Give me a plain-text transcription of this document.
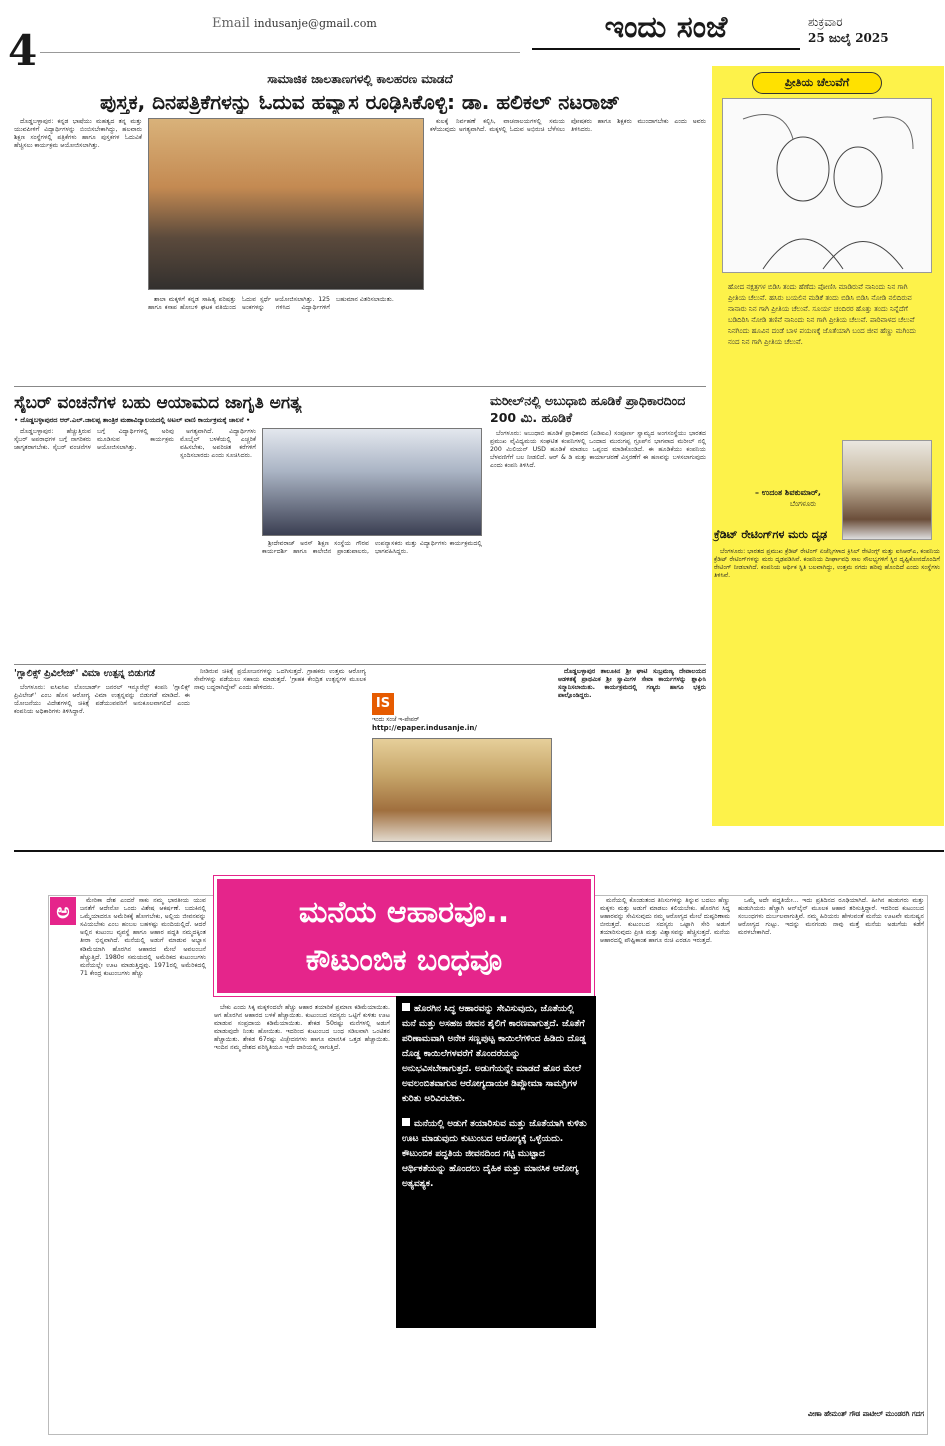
4
Email indusanje@gmail.com	ಇಂದು ಸಂಜೆ	ಶುಕ್ರವಾರ
25 ಜುಲೈ 2025
ಸಾಮಾಜಿಕ ಜಾಲತಾಣಗಳಲ್ಲಿ ಕಾಲಹರಣ ಮಾಡದೆ
ಪುಸ್ತಕ, ದಿನಪತ್ರಿಕೆಗಳನ್ನು ಓದುವ ಹವ್ಯಾಸ ರೂಢಿಸಿಕೊಳ್ಳಿ: ಡಾ. ಹಲಿಕಲ್ ನಟರಾಜ್

ದೊಡ್ಡಬಳ್ಳಾಪುರ: ಕನ್ನಡ ಭಾಷೆಯು ಮಹತ್ವದ ತನ್ನ ಮತ್ತು ಯುವಪೀಳಿಗೆ ವಿದ್ಯಾರ್ಥಿಗಳನ್ನು ಬಿಂಬಿಸಬೇಕಾಗಿದ್ದು, ಹಲವಾರು ಶಿಕ್ಷಣ ಸಂಸ್ಥೆಗಳಲ್ಲಿ ಪತ್ರಿಕೆಗಳು ಹಾಗೂ ಪುಸ್ತಕಗಳ ಓದುವಿಕೆ ಹೆಚ್ಚಿಸಲು ಕಾರ್ಯಕ್ರಮ ಆಯೋಜಿಸಲಾಗಿತ್ತು.

ಶಾಲಾ ಮಕ್ಕಳಿಗೆ ಕನ್ನಡ ಸಾಹಿತ್ಯ ಪರಿಷತ್ತು ಹಾಗೂ ಕಸಾಪ ಹೋಬಳಿ ಘಟಕ ವತಿಯಿಂದ ಓದುವ ಸ್ಪರ್ಧೆ ಆಯೋಜಿಸಲಾಗಿತ್ತು. 125 ಅಂಕಗಳನ್ನು ಗಳಿಸಿದ ವಿದ್ಯಾರ್ಥಿಗಳಿಗೆ ಬಹುಮಾನ ವಿತರಿಸಲಾಯಿತು.

ಕುಲಕ್ಕೆ ನಿರ್ವಹಣೆ ಕಲ್ಪಿಸಿ, ವಾಚನಾಲಯಗಳಲ್ಲಿ ಸಮಯ ಕಳೆಯುವುದು ಅಗತ್ಯವಾಗಿದೆ. ಮಕ್ಕಳಲ್ಲಿ ಓದುವ ಅಭಿರುಚಿ ಬೆಳೆಸಲು ಪೋಷಕರು ಹಾಗೂ ಶಿಕ್ಷಕರು ಮುಂದಾಗಬೇಕು ಎಂದು ಅವರು ತಿಳಿಸಿದರು.

ಪ್ರೀತಿಯ ಚೆಲುವೆಗೆ
ಹೋದ ನಕ್ಷತ್ರಗಳ ಬಿಡಿಸಿ ತಂದು ಹೆಣೆದು ಪೋಣಿಸಿ ಮಾಡಿರುವೆ ನಾನಿಂದು ನಿನ ಗಾಗಿ ಪ್ರೀತಿಯ ಚೆಲುವೆ. ಹಸಿರು ಬಯಲಿನ ಮಡಿಕೆ ತಂದು ಬಿಡಿಸಿ ಬಿಡಿಸಿ ನೋಡಿ ನಲಿದಿರುವ ನಾನಾರು ನಿನ ಗಾಗಿ ಪ್ರೀತಿಯ ಚೆಲುವೆ. ಸೂರ್ಯ ಚಂದಿರರ ಹೊತ್ತು ತಂದು ನಿನ್ನೆದೆಗೆ ಬಡಿದಿರಿಸಿ ನೋಡಿ ತಣಿವೆ ನಾನಿಂದು ನಿನ ಗಾಗಿ ಪ್ರೀತಿಯ ಚೆಲುವೆ. ಪಾರಿವಾಳದ ಚೆಲುವೆ ನಿನಗಿಂದು ಹೂವಿನ ದಂಡೆ ಬಾಳ ಪಯಣಕ್ಕೆ ಜೊತೆಯಾಗಿ ಬಂದ ಜೀವ ಹೆಣ್ಣು ಮಗಿಂದು ನಂದ ನಿನ ಗಾಗಿ ಪ್ರೀತಿಯ ಚೆಲುವೆ.
– ಉದಂತ ಶಿವಕುಮಾರ್,
ಬೆಂಗಳೂರು
ಸೈಬರ್ ವಂಚನೆಗಳ ಬಹು ಆಯಾಮದ ಜಾಗೃತಿ ಅಗತ್ಯ
• ದೊಡ್ಡಬಳ್ಳಾಪುರದ ಆರ್.ಎಲ್.ಜಾಲಪ್ಪ ತಾಂತ್ರಿಕ ಮಹಾವಿದ್ಯಾಲಯದಲ್ಲಿ ಅಟಲ್ ವಾಣಿ ಕಾರ್ಯಕ್ರಮಕ್ಕೆ ಚಾಲನೆ •

ದೊಡ್ಡಬಳ್ಳಾಪುರ: ಹೆಚ್ಚುತ್ತಿರುವ ಸೈಬರ್ ಅಪರಾಧಗಳ ಬಗ್ಗೆ ನಾಗರಿಕರು ಜಾಗೃತರಾಗಬೇಕು. ಸೈಬರ್ ವಂಚನೆಗಳ ಬಗ್ಗೆ ವಿದ್ಯಾರ್ಥಿಗಳಲ್ಲಿ ಅರಿವು ಮೂಡಿಸುವ ಕಾರ್ಯಕ್ರಮ ಆಯೋಜಿಸಲಾಗಿತ್ತು.

ಅಗತ್ಯವಾಗಿದೆ. ವಿದ್ಯಾರ್ಥಿಗಳು ಮೊಬೈಲ್ ಬಳಕೆಯಲ್ಲಿ ಎಚ್ಚರಿಕೆ ವಹಿಸಬೇಕು, ಅಪರಿಚಿತ ಕರೆಗಳಿಗೆ ಸ್ಪಂದಿಸಬಾರದು ಎಂದು ಸೂಚಿಸಿದರು.

ಶ್ರೀದೇವರಾಜ್ ಅರಸ್ ಶಿಕ್ಷಣ ಸಂಸ್ಥೆಯ ಗೌರವ ಕಾರ್ಯದರ್ಶಿ ಹಾಗೂ ಕಾಲೇಜಿನ ಪ್ರಾಂಶುಪಾಲರು, ಉಪನ್ಯಾಸಕರು ಮತ್ತು ವಿದ್ಯಾರ್ಥಿಗಳು ಕಾರ್ಯಕ್ರಮದಲ್ಲಿ ಭಾಗವಹಿಸಿದ್ದರು.

ಮರೀಲ್‌ನಲ್ಲಿ ಅಬುಧಾಬಿ ಹೂಡಿಕೆ ಪ್ರಾಧಿಕಾರದಿಂದ 200 ಮಿ. ಹೂಡಿಕೆ

ಬೆಂಗಳೂರು: ಅಬುಧಾಬಿ ಹೂಡಿಕೆ ಪ್ರಾಧಿಕಾರದ (ಎಡಿಐಎ) ಸಂಪೂರ್ಣ ಸ್ವಾಮ್ಯದ ಅಂಗಸಂಸ್ಥೆಯು ಭಾರತದ ಪ್ರಮುಖ ವೈವಿಧ್ಯಮಯ ಸಂಘಟಿತ ಕಂಪನಿಗಳಲ್ಲಿ ಒಂದಾದ ಮುರುಗಪ್ಪ ಗ್ರೂಪ್‌ನ ಭಾಗವಾದ ಮರೀಲ್ ನಲ್ಲಿ 200 ಮಿಲಿಯನ್ USD ಹೂಡಿಕೆ ಮಾಡಲು ಒಪ್ಪಂದ ಮಾಡಿಕೊಂಡಿದೆ. ಈ ಹೂಡಿಕೆಯು ಕಂಪನಿಯ ಬೆಳವಣಿಗೆಗೆ ಬಲ ನೀಡಲಿದೆ. ಆರ್ & ಡಿ ಮತ್ತು ಕಾರ್ಯಾಚರಣೆ ವಿಸ್ತರಣೆಗೆ ಈ ಹಣವನ್ನು ಬಳಸಲಾಗುವುದು ಎಂದು ಕಂಪನಿ ತಿಳಿಸಿದೆ.

ಕ್ರೆಡಿಟ್ ರೇಟಿಂಗ್‌ಗಳ ಮರು ದೃಢ

ಬೆಂಗಳೂರು: ಭಾರತದ ಪ್ರಮುಖ ಕ್ರೆಡಿಟ್ ರೇಟಿಂಗ್ ಏಜೆನ್ಸಿಗಳಾದ ಕ್ರಿಸಿಲ್ ರೇಟಿಂಗ್ಸ್ ಮತ್ತು ಐಸಿಆರ್‌ಎ, ಕಂಪನಿಯ ಕ್ರೆಡಿಟ್ ರೇಟಿಂಗ್‌ಗಳನ್ನು ಮರು ದೃಢಪಡಿಸಿವೆ. ಕಂಪನಿಯ ದೀರ್ಘಾವಧಿ ಸಾಲ ಸೌಲಭ್ಯಗಳಿಗೆ ಸ್ಥಿರ ದೃಷ್ಟಿಕೋನದೊಂದಿಗೆ ರೇಟಿಂಗ್ ನೀಡಲಾಗಿದೆ. ಕಂಪನಿಯ ಆರ್ಥಿಕ ಸ್ಥಿತಿ ಬಲವಾಗಿದ್ದು, ಉತ್ತಮ ನಗದು ಹರಿವು ಹೊಂದಿದೆ ಎಂದು ಸಂಸ್ಥೆಗಳು ತಿಳಿಸಿವೆ.

'ಗ್ಲಾಲಿಕ್ಸ್ ಪ್ರಿವಿಲೇಜ್' ವಿಮಾ ಉತ್ಪನ್ನ ಬಿಡುಗಡೆ

ಬೆಂಗಳೂರು: ಐಸಿಐಸಿಐ ಲೊಂಬಾರ್ಡ್ ಜನರಲ್ ಇನ್ಶೂರೆನ್ಸ್ ಕಂಪನಿ 'ಗ್ಲಾಲಿಕ್ಸ್ ಪ್ರಿವಿಲೇಜ್' ಎಂಬ ಹೊಸ ಆರೋಗ್ಯ ವಿಮಾ ಉತ್ಪನ್ನವನ್ನು ಬಿಡುಗಡೆ ಮಾಡಿದೆ. ಈ ಯೋಜನೆಯು ವಿದೇಶಗಳಲ್ಲಿ ಚಿಕಿತ್ಸೆ ಪಡೆಯುವವರಿಗೆ ಅನುಕೂಲವಾಗಲಿದೆ ಎಂದು ಕಂಪನಿಯ ಅಧಿಕಾರಿಗಳು ತಿಳಿಸಿದ್ದಾರೆ.

ನೀಡಿರುವ ಚಿಕಿತ್ಸೆ ಪ್ರಯೋಜನಗಳನ್ನು ಒದಗಿಸುತ್ತದೆ. ಗ್ರಾಹಕರು ಉತ್ತಮ ಆರೋಗ್ಯ ಸೇವೆಗಳನ್ನು ಪಡೆಯಲು ಸಹಾಯ ಮಾಡುತ್ತದೆ. 'ಗ್ರಾಹಕ ಕೇಂದ್ರಿತ ಉತ್ಪನ್ನಗಳ ಮೂಲಕ ನಾವು ಬದ್ಧರಾಗಿದ್ದೇವೆ' ಎಂದು ಹೇಳಿದರು.

IS ಇಂದು ಸಂಜೆ ಇ-ಪೇಪರ್
http://epaper.indusanje.in/

ದೊಡ್ಡಬಳ್ಳಾಪುರ ತಾಲೂಕಿನ ಶ್ರೀ ಘಾಟಿ ಸುಬ್ರಮಣ್ಯ ದೇವಾಲಯದ ಆಡಳಿತಕ್ಕೆ ಪ್ರಾಥಮಿಕ ಶ್ರೀ ಸ್ವಾಮಿಗಳ ಸೇವಾ ಕಾರ್ಯಗಳನ್ನು ಶ್ಲಾಘಿಸಿ ಸನ್ಮಾನಿಸಲಾಯಿತು. ಕಾರ್ಯಕ್ರಮದಲ್ಲಿ ಗಣ್ಯರು ಹಾಗೂ ಭಕ್ತರು ಪಾಲ್ಗೊಂಡಿದ್ದರು.

ಅ	ಮನೆಯ ಆಹಾರವೂ..
ಕೌಟುಂಬಿಕ ಬಂಧವೂ

ಮೇರಿಕಾ ದೇಶ ಎಂದರೆ ಸಾಕು ನಮ್ಮ ಭಾರತೀಯ ಯುವ ಜನತೆಗೆ ಆದೇನೋ ಒಂದು ವಿಶೇಷ ಆಕರ್ಷಣೆ. ಬದುಕಿನಲ್ಲಿ ಒಮ್ಮೆಯಾದರೂ ಅಮೆರಿಕಕ್ಕೆ ಹೋಗಬೇಕು, ಅಲ್ಲಿಯ ಜೀವನವನ್ನು ಸವಿಯಬೇಕು ಎಂಬ ಹಂಬಲ ಬಹಳಷ್ಟು ಮಂದಿಯಲ್ಲಿದೆ. ಆದರೆ ಅಲ್ಲಿನ ಕುಟುಂಬ ವ್ಯವಸ್ಥೆ ಹಾಗೂ ಆಹಾರ ಪದ್ಧತಿ ನಮ್ಮದಕ್ಕಿಂತ ತೀರಾ ಭಿನ್ನವಾಗಿದೆ. ಮನೆಯಲ್ಲಿ ಅಡುಗೆ ಮಾಡುವ ಅಭ್ಯಾಸ ಕಡಿಮೆಯಾಗಿ ಹೊರಗಿನ ಆಹಾರದ ಮೇಲೆ ಅವಲಂಬನೆ ಹೆಚ್ಚುತ್ತಿದೆ. 1980ರ ಸಮಯದಲ್ಲಿ ಅಮೆರಿಕದ ಕುಟುಂಬಗಳು ಮನೆಯಲ್ಲೇ ಊಟ ಮಾಡುತ್ತಿದ್ದವು. 1971ರಲ್ಲಿ ಅಮೆರಿಕದಲ್ಲಿ 71 ಕೇಂದ್ರ ಕುಟುಂಬಗಳು ಹೆಚ್ಚು

ಬೇಕು ಎಂದು ಸಿಕ್ಕ ಮಕ್ಕಳಿಂದಲೇ ಹೆಚ್ಚು ಆಹಾರ ತಯಾರಿಕೆ ಪ್ರಮಾಣ ಕಡಿಮೆಯಾಯಿತು. ಆಗ ಹೊರಗಿನ ಆಹಾರದ ಬಳಕೆ ಹೆಚ್ಚಾಯಿತು. ಕುಟುಂಬದ ಸದಸ್ಯರು ಒಟ್ಟಿಗೆ ಕುಳಿತು ಊಟ ಮಾಡುವ ಸಂಪ್ರದಾಯ ಕಡಿಮೆಯಾಯಿತು. ಶೇಕಡ 50ರಷ್ಟು ಮನೆಗಳಲ್ಲಿ ಅಡುಗೆ ಮಾಡುವುದೇ ನಿಂತು ಹೋಯಿತು. ಇದರಿಂದ ಕುಟುಂಬದ ಬಂಧ ಸಡಿಲವಾಗಿ ಒಂಟಿತನ ಹೆಚ್ಚಾಯಿತು. ಶೇಕಡ 67ರಷ್ಟು ವಿಚ್ಛೇದನಗಳು ಹಾಗೂ ಮಾನಸಿಕ ಒತ್ತಡ ಹೆಚ್ಚಾಯಿತು. ಇಂದಿನ ನಮ್ಮ ದೇಶದ ಪರಿಸ್ಥಿತಿಯೂ ಇದೇ ದಾರಿಯಲ್ಲಿ ಸಾಗುತ್ತಿದೆ.

ಹೊರಗಿನ ಸಿದ್ಧ ಆಹಾರವನ್ನು ಸೇವಿಸುವುದು, ಜೊತೆಯಲ್ಲಿ ಮನೆ ಮತ್ತು ಅಸಹಜ ಜೀವನ ಶೈಲಿಗೆ ಕಾರಣವಾಗುತ್ತದೆ. ಜೊತೆಗೆ ಪರಿಣಾಮವಾಗಿ ಅನೇಕ ಸಣ್ಣಪುಟ್ಟ ಕಾಯಿಲೆಗಳಿಂದ ಹಿಡಿದು ದೊಡ್ಡ ದೊಡ್ಡ ಕಾಯಿಲೆಗಳವರೆಗೆ ತೊಂದರೆಯನ್ನು ಅನುಭವಿಸಬೇಕಾಗುತ್ತದೆ. ಅಡುಗೆಯನ್ನೇ ಮಾಡದೆ ಹೊರ ಮೇಲೆ ಅವಲಂಬಿತವಾಗುವ ಆರೋಗ್ಯದಾಯಕ ಡಿಪ್ಲೋಮಾ ಸಾಮಗ್ರಿಗಳ ಕುರಿತು ಅರಿವಿರಬೇಕು.
ಮನೆಯಲ್ಲಿ ಅಡುಗೆ ತಯಾರಿಸುವ ಮತ್ತು ಜೊತೆಯಾಗಿ ಕುಳಿತು ಊಟ ಮಾಡುವುದು ಕುಟುಂಬದ ಆರೋಗ್ಯಕ್ಕೆ ಒಳ್ಳೆಯದು. ಕೌಟುಂಬಿಕ ಪದ್ಧತಿಯ ಜೀವನದಿಂದ ಗಟ್ಟಿ ಮುಟ್ಟಾದ ಆರ್ಥಿಕತೆಯನ್ನು ಹೊಂದಲು ದೈಹಿಕ ಮತ್ತು ಮಾನಸಿಕ ಆರೋಗ್ಯ ಅತ್ಯವಶ್ಯಕ.

ಮನೆಯಲ್ಲಿ ಕೊಂಡುತಂದ ತಿನಿಸುಗಳನ್ನು ತಿನ್ನುವ ಬದಲು ಹೆಣ್ಣು ಮಕ್ಕಳು ಮತ್ತು ಅಡುಗೆ ಮಾಡಲು ಕಲಿಯಬೇಕು. ಹೊರಗಿನ ಸಿದ್ಧ ಆಹಾರವನ್ನು ಸೇವಿಸುವುದು ನಮ್ಮ ಆರೋಗ್ಯದ ಮೇಲೆ ದುಷ್ಪರಿಣಾಮ ಬೀರುತ್ತದೆ. ಕುಟುಂಬದ ಸದಸ್ಯರು ಒಟ್ಟಾಗಿ ಸೇರಿ ಅಡುಗೆ ತಯಾರಿಸುವುದು ಪ್ರೀತಿ ಮತ್ತು ವಿಶ್ವಾಸವನ್ನು ಹೆಚ್ಚಿಸುತ್ತದೆ. ಮನೆಯ ಆಹಾರದಲ್ಲಿ ಪೌಷ್ಟಿಕಾಂಶ ಹಾಗೂ ರುಚಿ ಎರಡೂ ಇರುತ್ತದೆ.

ಒಮ್ಮೆ ಅದೇ ಪದ್ಧತಿಯೇ... ಇದು ಪ್ರತಿದಿನದ ರೂಢಿಯಾಗಿದೆ. ಹೀಗಿನ ಹುಡುಗರು ಮತ್ತು ಹುಡುಗಿಯರು ಹೆಚ್ಚಾಗಿ ಆನ್‌ಲೈನ್ ಮೂಲಕ ಆಹಾರ ತರಿಸುತ್ತಿದ್ದಾರೆ. ಇದರಿಂದ ಕುಟುಂಬದ ಸಂಬಂಧಗಳು ದುರ್ಬಲವಾಗುತ್ತಿವೆ. ನಮ್ಮ ಹಿರಿಯರು ಹೇಳುವಂತೆ ಮನೆಯ ಊಟವೇ ಮನುಷ್ಯನ ಆರೋಗ್ಯದ ಗುಟ್ಟು. ಇದನ್ನು ಮನಗಂಡು ನಾವು ಮತ್ತೆ ಮನೆಯ ಅಡುಗೆಯ ಕಡೆಗೆ ಮರಳಬೇಕಾಗಿದೆ.

ವೀಣಾ ಹೇಮಂತ್ ಗೌಡ ಪಾಟೀಲ್ ಮುಂಡರಗಿ ಗದಗ
